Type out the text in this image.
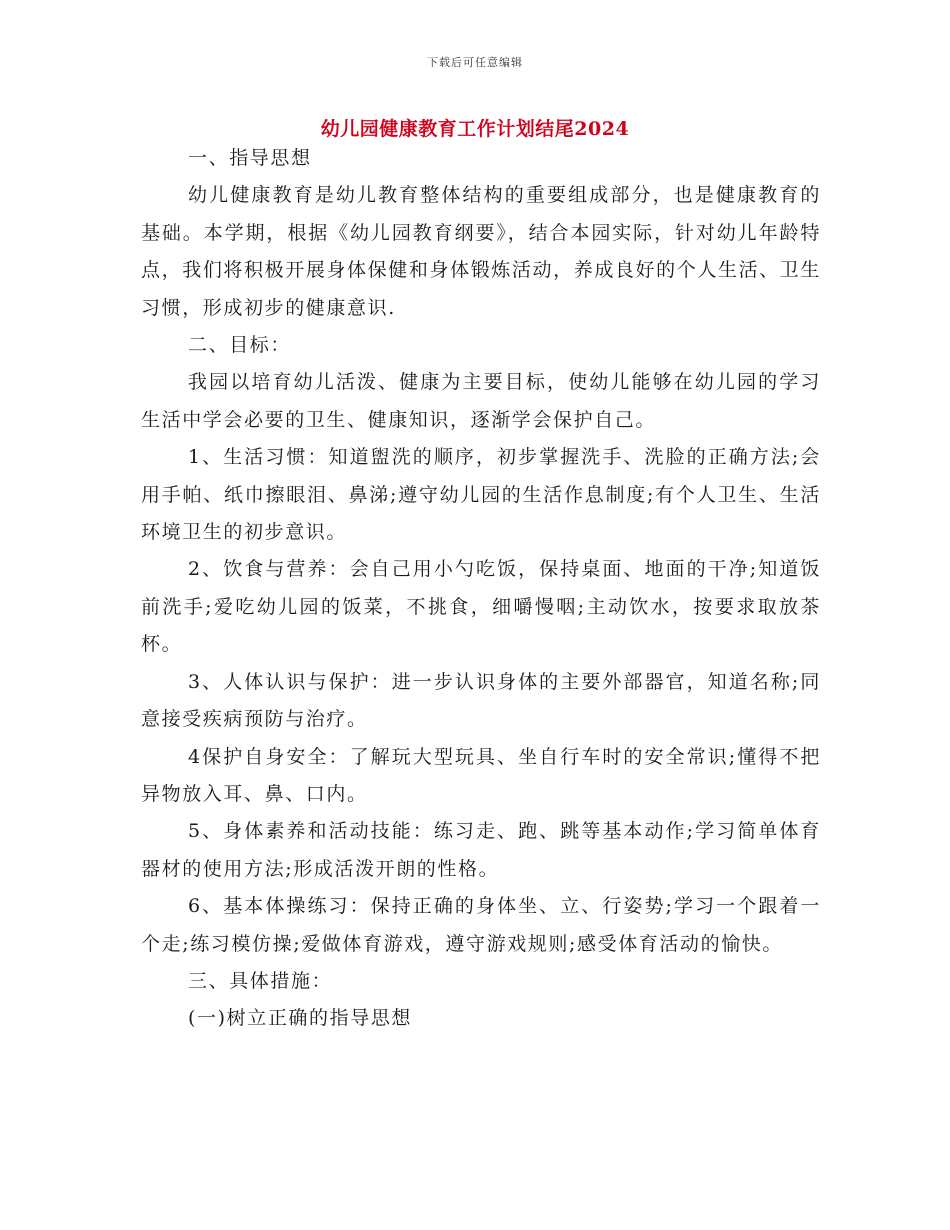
下载后可任意编辑
幼儿园健康教育工作计划结尾2024

一、指导思想

幼儿健康教育是幼儿教育整体结构的重要组成部分，也是健康教育的基础。本学期，根据《幼儿园教育纲要》，结合本园实际，针对幼儿年龄特点，我们将积极开展身体保健和身体锻炼活动，养成良好的个人生活、卫生习惯，形成初步的健康意识.

二、目标：

我园以培育幼儿活泼、健康为主要目标，使幼儿能够在幼儿园的学习生活中学会必要的卫生、健康知识，逐渐学会保护自己。

1、生活习惯：知道盥洗的顺序，初步掌握洗手、洗脸的正确方法;会用手帕、纸巾擦眼泪、鼻涕;遵守幼儿园的生活作息制度;有个人卫生、生活环境卫生的初步意识。

2、饮食与营养：会自己用小勺吃饭，保持桌面、地面的干净;知道饭前洗手;爱吃幼儿园的饭菜，不挑食，细嚼慢咽;主动饮水，按要求取放茶杯。

3、人体认识与保护：进一步认识身体的主要外部器官，知道名称;同意接受疾病预防与治疗。

4保护自身安全：了解玩大型玩具、坐自行车时的安全常识;懂得不把异物放入耳、鼻、口内。

5、身体素养和活动技能：练习走、跑、跳等基本动作;学习简单体育器材的使用方法;形成活泼开朗的性格。

6、基本体操练习：保持正确的身体坐、立、行姿势;学习一个跟着一个走;练习模仿操;爱做体育游戏，遵守游戏规则;感受体育活动的愉快。

三、具体措施：

(一)树立正确的指导思想
